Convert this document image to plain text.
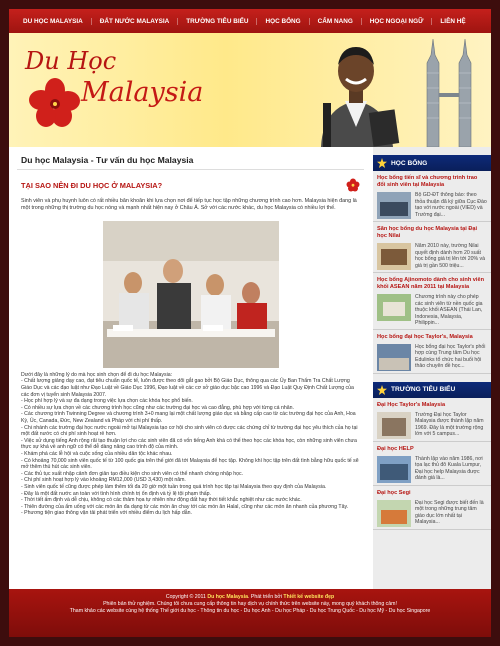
DU HỌC MALAYSIA	ĐẤT NƯỚC MALAYSIA	TRƯỜNG TIÊU BIỂU	HỌC BỔNG	CẨM NANG	HỌC NGOẠI NGỮ	LIÊN HỆ
Du Học
Malaysia
Du học Malaysia - Tư vấn du học Malaysia
TẠI SAO NÊN ĐI DU HỌC Ở MALAYSIA?

Sinh viên và phụ huynh luôn có rất nhiều băn khoăn khi lựa chọn nơi để tiếp tục học tập những chương trình cao hơn. Malaysia hiện đang là một trong những thị trường du học nóng và mạnh nhất hiện nay ở Châu Á. Sở với các nước khác, du học Malaysia có nhiều lợi thế.

Dưới đây là những lý do mà học sinh chọn để đi du học Malaysia:

- Chất lượng giảng dạy cao, đạt tiêu chuẩn quốc tế, luôn được theo dõi gắt gao bởi Bộ Giáo Dục, thông qua các Ủy Ban Thẩm Tra Chất Lượng Giáo Dục và các đạo luật như Đạo Luật về Giáo Dục 1996, Đạo luật về các cơ sở giáo dục bậc cao 1996 và Đạo Luật Quy Định Chất Lượng của các đơn vị tuyển sinh Malaysia 2007.

- Học phí hợp lý và sự đa dạng trong việc lựa chọn các khóa học phổ biến.

- Có nhiều sự lựa chọn về các chương trình học cũng như các trường đại học và cao đẳng, phù hợp với từng cá nhân.

- Các chương trình Twinning Degree và chương trình 3+0 mang lại một chất lượng giáo dục và bằng cấp cao từ các trường đại học của Anh, Hoa Kỳ, Úc, Canada, Đức, New Zealand và Pháp với chi phí thấp.

- Chi nhánh các trường đại học nước ngoài mở tại Malaysia tạo cơ hội cho sinh viên có được các chứng chỉ từ trường đại học yêu thích của họ tại một đất nước có chi phí sinh hoạt rẻ hơn.

- Việc sử dụng tiếng Anh rộng rãi tạo thuận lợi cho các sinh viên đã có vốn tiếng Anh khá có thể theo học các khóa học, còn những sinh viên chưa thực sự khá về anh ngữ có thể dễ dàng nâng cao trình độ của mình.

- Khám phá các lễ hội và cuộc sống của nhiều dân tộc khác nhau.

- Có khoảng 70,000 sinh viên quốc tế từ 100 quốc gia trên thế giới đã tới Malaysia để học tập. Không khí học tập trên đất tình bằng hữu quốc tế sẽ mở thêm thú hút các sinh viên.

- Các thủ tục xuất nhập cảnh đơn giản tạo điều kiện cho sinh viên có thể nhanh chóng nhập học.

- Chi phí sinh hoạt hợp lý vào khoảng RM12,000 (USD 3,430) một năm.

- Sinh viên quốc tế cũng được phép làm thêm tối đa 20 giờ một tuần trong quá trình học tập tại Malaysia theo quy định của Malaysia.

- Đây là một đất nước an toàn với tình hình chính trị ổn định và tỷ lệ tội phạm thấp.

- Thời tiết ấm định và dễ chịu, không có các thảm họa tự nhiên như động đất hay thời tiết khắc nghiệt như các nước khác.

- Thiên đường của ẩm uống với các món ăn đa dạng từ các món ăn chay tới các món ăn Halal, cũng như các món ăn nhanh của phương Tây.

- Phương tiện giao thông vận tải phát triển với nhiều điểm du lịch hấp dẫn.

HỌC BỔNG
Học bổng tiến sĩ và chương trình trao đổi sinh viên tại Malaysia
Bộ GD-ĐT thông báo: theo thỏa thuận đã ký giữa Cục Đào tạo với nước ngoài (VIED) và Trường đại...
Săn học bổng du học Malaysia tại Đại học Nilai
Năm 2010 này, trường Nilai quyết định dành hơn 20 suất học bổng giá trị lên tới 20% và giá trị gần 500 triệu...
Học bổng Ajinomoto dành cho sinh viên khối ASEAN năm 2011 tại Malaysia
Chương trình này cho phép các sinh viên từ nền quốc gia thuộc khối ASEAN (Thái Lan, Indonesia, Malaysia, Philippin...
Học bổng đại học Taylor's, Malaysia
Học bổng đại học Taylor's phối hợp cùng Trung tâm Du học Edulinks tổ chức hai buổi hội thảo chuyên đề học...
TRƯỜNG TIÊU BIỂU
Đại Học Taylor's Malaysia
Trường Đại học Taylor Malaysia được thành lập năm 1969. Đây là một trường rộng lớn với 5 campus...
Đại học HELP
Thành lập vào năm 1986, nơi tọa lạc thủ đô Kuala Lumpur, Đại học help Malaysia được đánh giá là...
Đại học Segi
Đại học Segi được biết đến là một trong những trung tâm giáo dục lớn nhất tại Malaysia...
Copyright © 2011 Du học Malaysia. Phát triển bởi Thiết kế website đẹp
Phiên bản thử nghiệm. Chúng tôi chưa cung cấp thông tin hay dịch vụ chính thức trên website này, mong quý khách thông cảm!
Tham khảo các website cùng hệ thống Thế giới du học - Thông tin du học - Du học Anh - Du học Pháp - Du học Trung Quốc - Du học Mỹ - Du học Singapore
